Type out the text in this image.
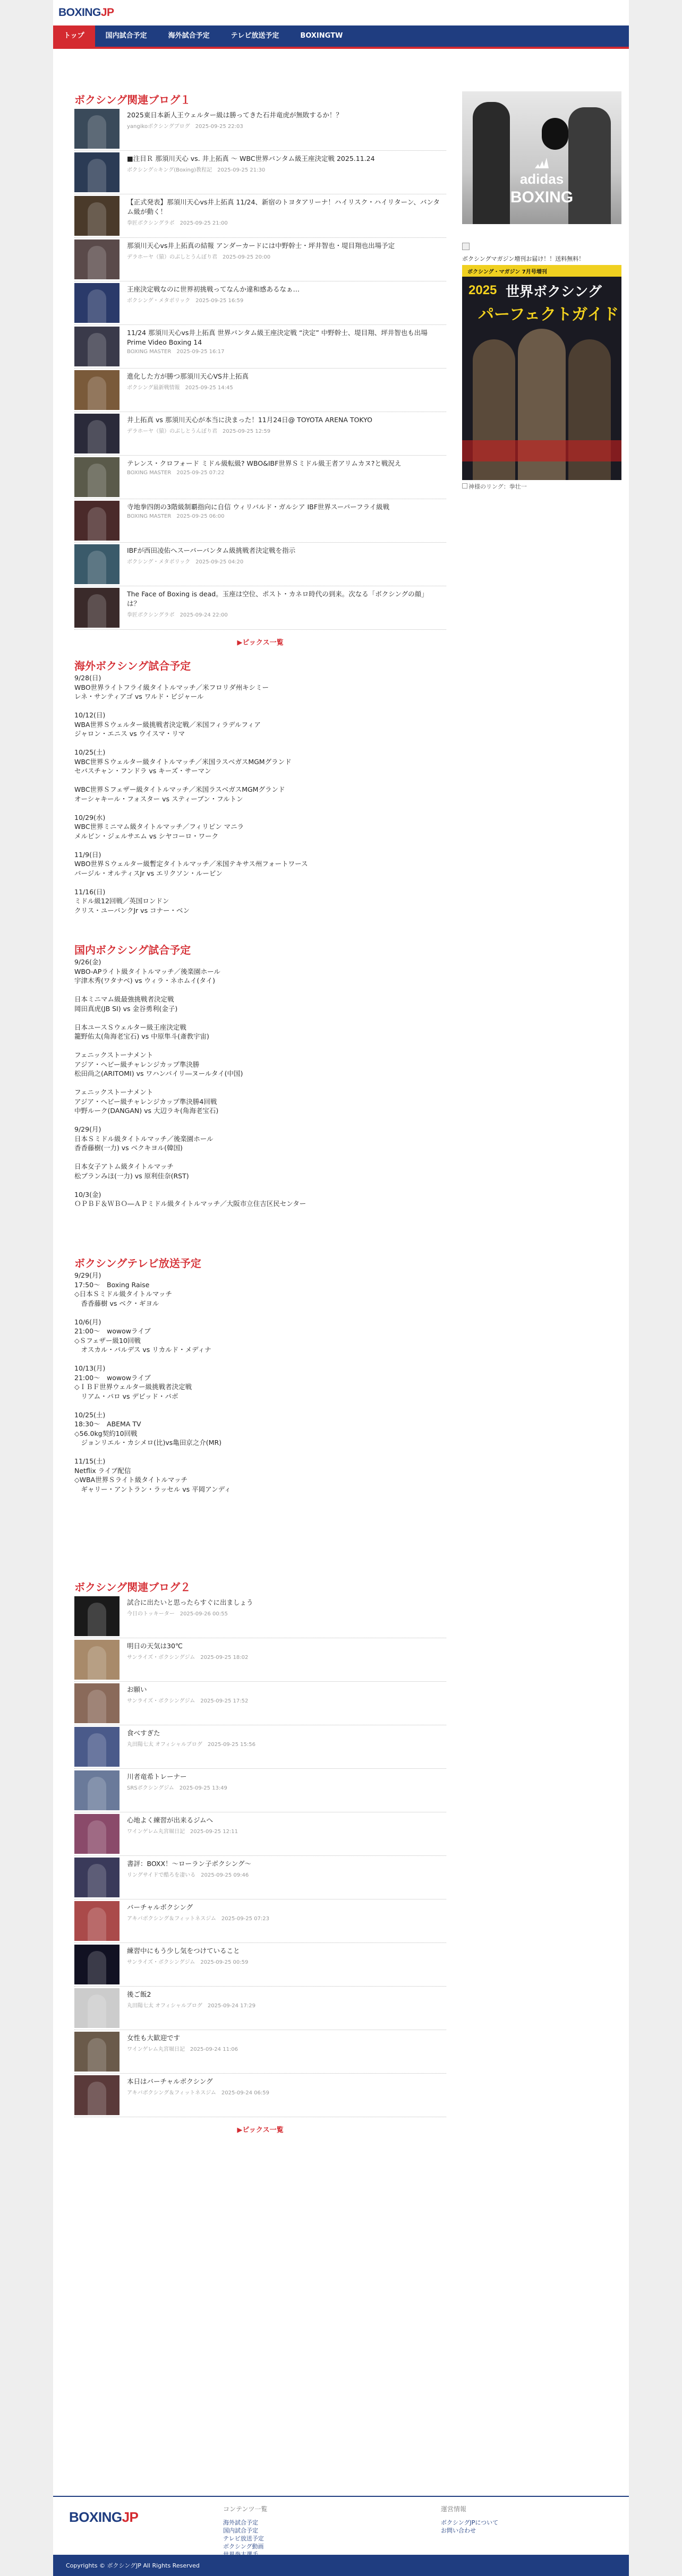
BOXINGJP
トップ	国内試合予定	海外試合予定	テレビ放送予定	BOXINGTW
ボクシング関連ブログ１
2025東日本新人王ウェルター級は勝ってきた石井竜虎が無敗するか！？
yangikoボクシングブログ 2025-09-25 22:03
■注目Ｒ 那須川天心 vs. 井上拓真 〜 WBC世界バンタム級王座決定戦 2025.11.24
ボクシング☆キング(Boxing)教程記 2025-09-25 21:30
【正式発表】那須川天心vs井上拓真 11/24、新宿のトヨタアリーナ！ハイリスク・ハイリターン、バンタム級が動く！
拳匠ボクシングラボ 2025-09-25 21:00
那須川天心vs井上拓真の結報 アンダーカードには中野幹士・坪井智也・堤目翔也出場予定
デラホーヤ（猿）のぶしとうんぼり君 2025-09-25 20:00
王座決定戦なのに世界初挑戦ってなんか違和感あるなぁ…
ボクシング・メタボリック 2025-09-25 16:59
11/24 那須川天心vs井上拓真 世界バンタム級王座決定戦 “決定” 中野幹士、堤目翔、坪井智也も出場 Prime Video Boxing 14
BOXING MASTER 2025-09-25 16:17
進化した方が勝つ那須川天心VS井上拓真
ボクシング最新戦情報 2025-09-25 14:45
井上拓真 vs 那須川天心が本当に決まった！11月24日@ TOYOTA ARENA TOKYO
デラホーヤ（猿）のぶしとうんぼり君 2025-09-25 12:59
テレンス・クロフォード ミドル級転級? WBO&IBF世界Ｓミドル級王者アリムカヌ?と戦況え
BOXING MASTER 2025-09-25 07:22
寺地拳四朗の3階級制覇指向に自信 ウィリバルド・ガルシア IBF世界スーパーフライ級戦
BOXING MASTER 2025-09-25 06:00
IBFが西田凌佑へスーパーバンタム級挑戦者決定戦を指示
ボクシング・メタボリック 2025-09-25 04:20
The Face of Boxing is dead。玉座は空位、ポスト・カネロ時代の到来。次なる「ボクシングの顔」は？
拳匠ボクシングラボ 2025-09-24 22:00
▶ピックス一覧
海外ボクシング試合予定

9/28(日)
WBO世界ライトフライ級タイトルマッチ／米フロリダ州キシミー
レネ・サンティアゴ vs ワルド・ビジャール

10/12(日)
WBA世界Ｓウェルター級挑戦者決定戦／米国フィラデルフィア
ジャロン・エニス vs ウイスマ・リマ

10/25(土)
WBC世界Ｓウェルター級タイトルマッチ／米国ラスベガスMGMグランド
セバスチャン・フンドラ vs キーズ・サーマン

WBC世界Ｓフェザー級タイトルマッチ／米国ラスベガスMGMグランド
オーシャキール・フォスター vs スティーブン・フルトン

10/29(水)
WBC世界ミニマム級タイトルマッチ／フィリピン マニラ
メルビン・ジェルサエム vs シヤコーロ・ワーク

11/9(日)
WBO世界Ｓウェルター級暫定タイトルマッチ／米国テキサス州フォートワース
バージル・オルティスJr vs エリクソン・ルービン

11/16(日)
ミドル級12回戦／英国ロンドン
クリス・ユーバンクJr vs コナー・ベン

国内ボクシング試合予定

9/26(金)
WBO-APライト級タイトルマッチ／後楽園ホール
宇津木秀(ワタナベ) vs ウィラ・ネホムイ(タイ)

日本ミニマム級最強挑戦者決定戦
岡田真虎(JB SI) vs 金谷勇利(金子)

日本ユースＳウェルター級王座決定戦
籠野佑太(角海老宝石) vs 中原隼斗(斎教宇宙)

フェニックストーナメント
アジア・ヘビー級チャレンジカップ準決勝
松田尚之(ARITOMI) vs ワハンバイリ―ヌールタイ(中国)

フェニックストーナメント
アジア・ヘビー級チャレンジカップ準決勝4回戦
中野ルーク(DANGAN) vs 大辺ラキ(角海老宝石)

9/29(月)
日本Ｓミドル級タイトルマッチ／後楽園ホール
香香藤樹(一力) vs ベクキヨル(韓国)

日本女子アトム級タイトルマッチ
松ブランみほ(一力) vs 原利佳奈(RST)

10/3(金)
ＯＰＢＦ＆ＷＢＯ―ＡＰミドル級タイトルマッチ／大阪市立住吉区民センター

ボクシングテレビ放送予定

9/29(月)
17:50〜　Boxing Raise
◇日本Ｓミドル級タイトルマッチ
　香香藤樹 vs ベク・ギヨル

10/6(月)
21:00〜　wowowライブ
◇Ｓフェザー級10回戦
　オスカル・バルデス vs リカルド・メディナ

10/13(月)
21:00〜　wowowライブ
◇ＩＢＦ世界ウェルター級挑戦者決定戦
　リアム・パロ vs デビッド・パボ

10/25(土)
18:30〜　ABEMA TV
◇56.0kg契約10回戦
　ジョンリエル・カシメロ(比)vs亀田京之介(MR)

11/15(土)
Netflix ライブ配信
◇WBA世界Ｓライト級タイトルマッチ
　ギャリー・アントラン・ラッセル vs 平岡アンディ

ボクシング関連ブログ２
試合に出たいと思ったらすぐに出ましょう
今日のトッキーター 2025-09-26 00:55
明日の天気は30℃
サンライズ・ボクシングジム 2025-09-25 18:02
お願い
サンライズ・ボクシングジム 2025-09-25 17:52
食べすぎた
丸田陽七太 オフィシャルブログ 2025-09-25 15:56
川者竜希トレーナー
SRSボクシングジム 2025-09-25 13:49
心地よく練習が出来るジムへ
ワインゲレム丸宮堀日記 2025-09-25 12:11
書評：BOXX！〜ローラン子ボクシング〜
リングサイドで酷ろを凄いる 2025-09-25 09:46
バーチャルボクシング
アキバボクシング＆フィットネスジム 2025-09-25 07:23
練習中にもう少し気をつけていること
サンライズ・ボクシングジム 2025-09-25 00:59
後ご飯2
丸田陽七太 オフィシャルブログ 2025-09-24 17:29
女性も大歓迎です
ワインゲレム丸宮堀日記 2025-09-24 11:06
本日はバーチャルボクシング
アキバボクシング＆フィットネスジム 2025-09-24 06:59
▶ピックス一覧
adidas
BOXING
ボクシングマガジン増刊お届け！！送料無料！
ボクシング・マガジン 7月号増刊
2025 世界ボクシング
パーフェクトガイド
神様のリング：拳壮一
BOXINGJP	コンテンツ一覧
海外試合予定
国内試合予定
テレビ放送予定
ボクシング動画
運営情報
ボクシングJPについて
お問い合わせ
Copyrights © ボクシングJP All Rights Reserved
